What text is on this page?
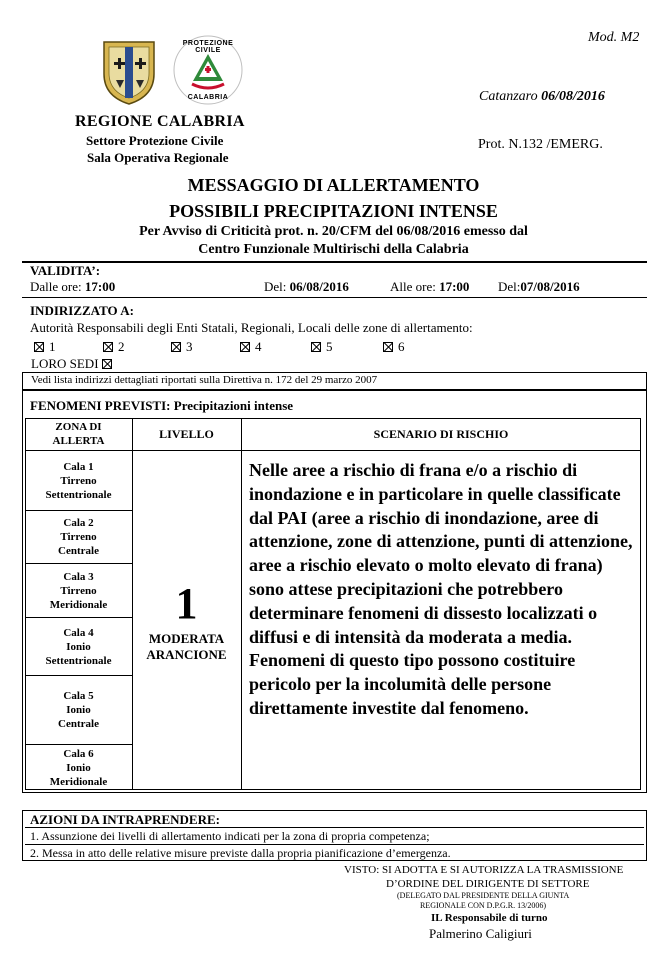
Mod. M2
PROTEZIONE CIVILE
CALABRIA	Catanzaro 06/08/2016
REGIONE CALABRIA
Settore Protezione Civile
Sala Operativa Regionale
Prot. N.132 /EMERG.
MESSAGGIO DI ALLERTAMENTO
POSSIBILI PRECIPITAZIONI INTENSE
Per Avviso di Criticità prot. n. 20/CFM del 06/08/2016 emesso dal
Centro Funzionale Multirischi della Calabria
VALIDITA’:
Dalle ore: 17:00	Del: 06/08/2016	Alle ore: 17:00 Del:07/08/2016
INDIRIZZATO A:
Autorità Responsabili degli Enti Statali, Regionali, Locali delle zone di allertamento:
1	2	3	4	5	6
LORO SEDI
Vedi lista indirizzi dettagliati riportati sulla Direttiva n. 172 del 29 marzo 2007
FENOMENI PREVISTI: Precipitazioni intense
ZONA DI
ALLERTA	LIVELLO	SCENARIO DI RISCHIO
Cala 1
Tirreno
Settentrionale
Cala 2
Tirreno
Centrale
Cala 3
Tirreno
Meridionale
Cala 4
Ionio
Settentrionale
Cala 5
Ionio
Centrale
Cala 6
Ionio
Meridionale
1
MODERATA
ARANCIONE
Nelle aree a rischio di frana e/o a rischio di inondazione e in particolare in quelle classificate dal PAI (aree a rischio di inondazione, aree di attenzione, zone di attenzione, punti di attenzione, aree a rischio elevato o molto elevato di frana) sono attese precipitazioni che potrebbero determinare fenomeni di dissesto localizzati o diffusi e di intensità da moderata a media. Fenomeni di questo tipo possono costituire pericolo per la incolumità delle persone direttamente investite dal fenomeno.
AZIONI DA INTRAPRENDERE:
1. Assunzione dei livelli di allertamento indicati per la zona di propria competenza;
2. Messa in atto delle relative misure previste dalla propria pianificazione d’emergenza.
VISTO: SI ADOTTA E SI AUTORIZZA LA TRASMISSIONE
D’ORDINE DEL DIRIGENTE DI SETTORE
(DELEGATO DAL PRESIDENTE DELLA GIUNTA
REGIONALE CON D.P.G.R. 13/2006)
IL Responsabile di turno
Palmerino Caligiuri
